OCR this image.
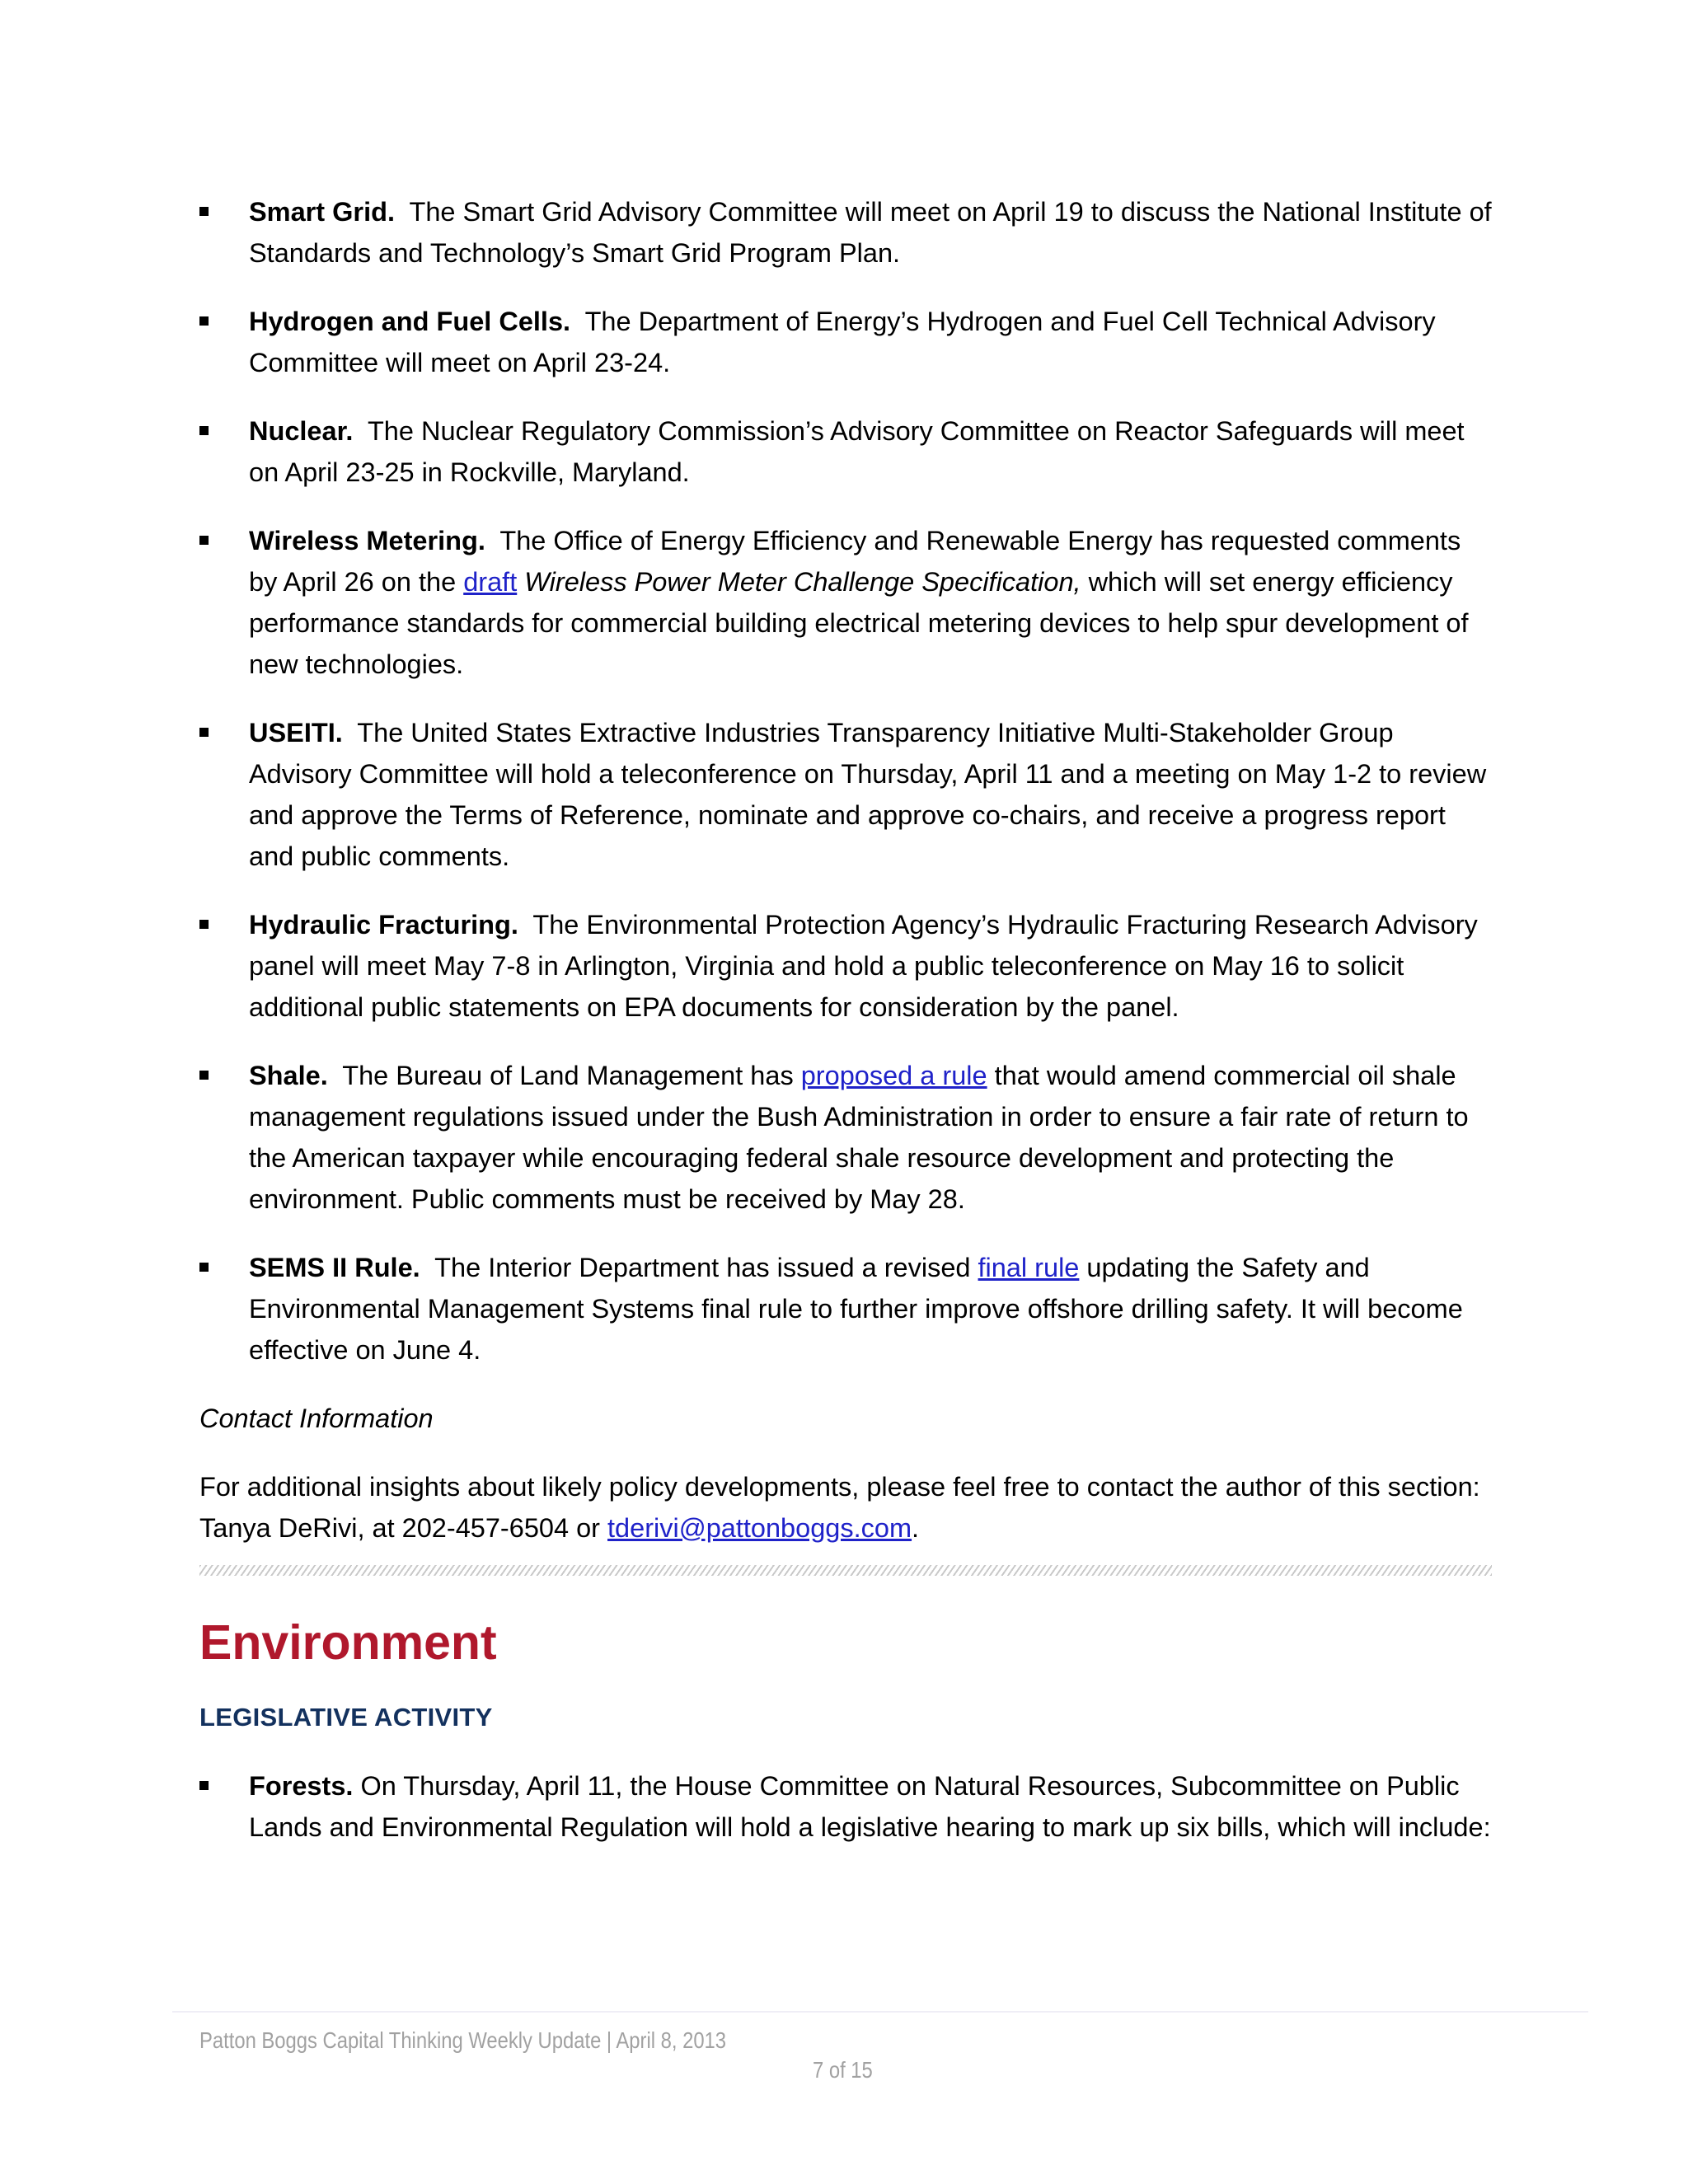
Smart Grid. The Smart Grid Advisory Committee will meet on April 19 to discuss the National Institute of Standards and Technology’s Smart Grid Program Plan.
Hydrogen and Fuel Cells. The Department of Energy’s Hydrogen and Fuel Cell Technical Advisory Committee will meet on April 23-24.
Nuclear. The Nuclear Regulatory Commission’s Advisory Committee on Reactor Safeguards will meet on April 23-25 in Rockville, Maryland.
Wireless Metering. The Office of Energy Efficiency and Renewable Energy has requested comments by April 26 on the draft Wireless Power Meter Challenge Specification, which will set energy efficiency performance standards for commercial building electrical metering devices to help spur development of new technologies.
USEITI. The United States Extractive Industries Transparency Initiative Multi-Stakeholder Group Advisory Committee will hold a teleconference on Thursday, April 11 and a meeting on May 1-2 to review and approve the Terms of Reference, nominate and approve co-chairs, and receive a progress report and public comments.
Hydraulic Fracturing. The Environmental Protection Agency’s Hydraulic Fracturing Research Advisory panel will meet May 7-8 in Arlington, Virginia and hold a public teleconference on May 16 to solicit additional public statements on EPA documents for consideration by the panel.
Shale. The Bureau of Land Management has proposed a rule that would amend commercial oil shale management regulations issued under the Bush Administration in order to ensure a fair rate of return to the American taxpayer while encouraging federal shale resource development and protecting the environment. Public comments must be received by May 28.
SEMS II Rule. The Interior Department has issued a revised final rule updating the Safety and Environmental Management Systems final rule to further improve offshore drilling safety. It will become effective on June 4.

Contact Information

For additional insights about likely policy developments, please feel free to contact the author of this section: Tanya DeRivi, at 202-457-6504 or tderivi@pattonboggs.com.

Environment
LEGISLATIVE ACTIVITY
Forests. On Thursday, April 11, the House Committee on Natural Resources, Subcommittee on Public Lands and Environmental Regulation will hold a legislative hearing to mark up six bills, which will include:
Patton Boggs Capital Thinking Weekly Update | April 8, 2013
7 of 15
